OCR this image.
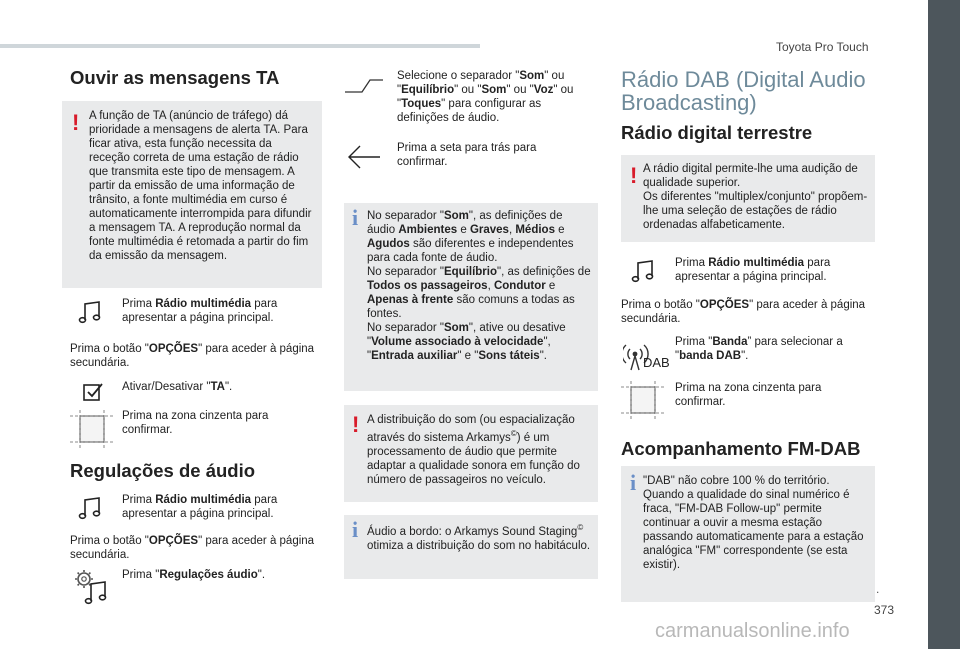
Toyota Pro Touch
.
373
carmanualsonline.info
Ouvir as mensagens TA
! A função de TA (anúncio de tráfego) dá prioridade a mensagens de alerta TA. Para ficar ativa, esta função necessita da receção correta de uma estação de rádio que transmita este tipo de mensagem. A partir da emissão de uma informação de trânsito, a fonte multimédia em curso é automaticamente interrompida para difundir a mensagem TA. A reprodução normal da fonte multimédia é retomada a partir do fim da emissão da mensagem.
Prima Rádio multimédia para apresentar a página principal.
Prima o botão "OPÇÕES" para aceder à página secundária.
Ativar/Desativar "TA".
Prima na zona cinzenta para confirmar.
Regulações de áudio
Prima Rádio multimédia para apresentar a página principal.
Prima o botão "OPÇÕES" para aceder à página secundária.
Prima "Regulações áudio".
Selecione o separador "Som" ou "Equilíbrio" ou "Som" ou "Voz" ou "Toques" para configurar as definições de áudio.
Prima a seta para trás para confirmar.
i No separador "Som", as definições de áudio Ambientes e Graves, Médios e Agudos são diferentes e independentes para cada fonte de áudio.
No separador "Equilíbrio", as definições de Todos os passageiros, Condutor e Apenas à frente são comuns a todas as fontes.
No separador "Som", ative ou desative "Volume associado à velocidade", "Entrada auxiliar" e "Sons táteis".
! A distribuição do som (ou espacialização através do sistema Arkamys©) é um processamento de áudio que permite adaptar a qualidade sonora em função do número de passageiros no veículo.
i Áudio a bordo: o Arkamys Sound Staging© otimiza a distribuição do som no habitáculo.
Rádio DAB (Digital Audio Broadcasting)
Rádio digital terrestre
! A rádio digital permite-lhe uma audição de qualidade superior.
Os diferentes "multiplex/conjunto" propõem-lhe uma seleção de estações de rádio ordenadas alfabeticamente.
Prima Rádio multimédia para apresentar a página principal.
Prima o botão "OPÇÕES" para aceder à página secundária.
DAB
Prima "Banda” para selecionar a "banda DAB".
Prima na zona cinzenta para confirmar.
Acompanhamento FM-DAB
i "DAB" não cobre 100 % do território. Quando a qualidade do sinal numérico é fraca, "FM-DAB Follow-up" permite continuar a ouvir a mesma estação passando automaticamente para a estação analógica "FM" correspondente (se esta existir).
